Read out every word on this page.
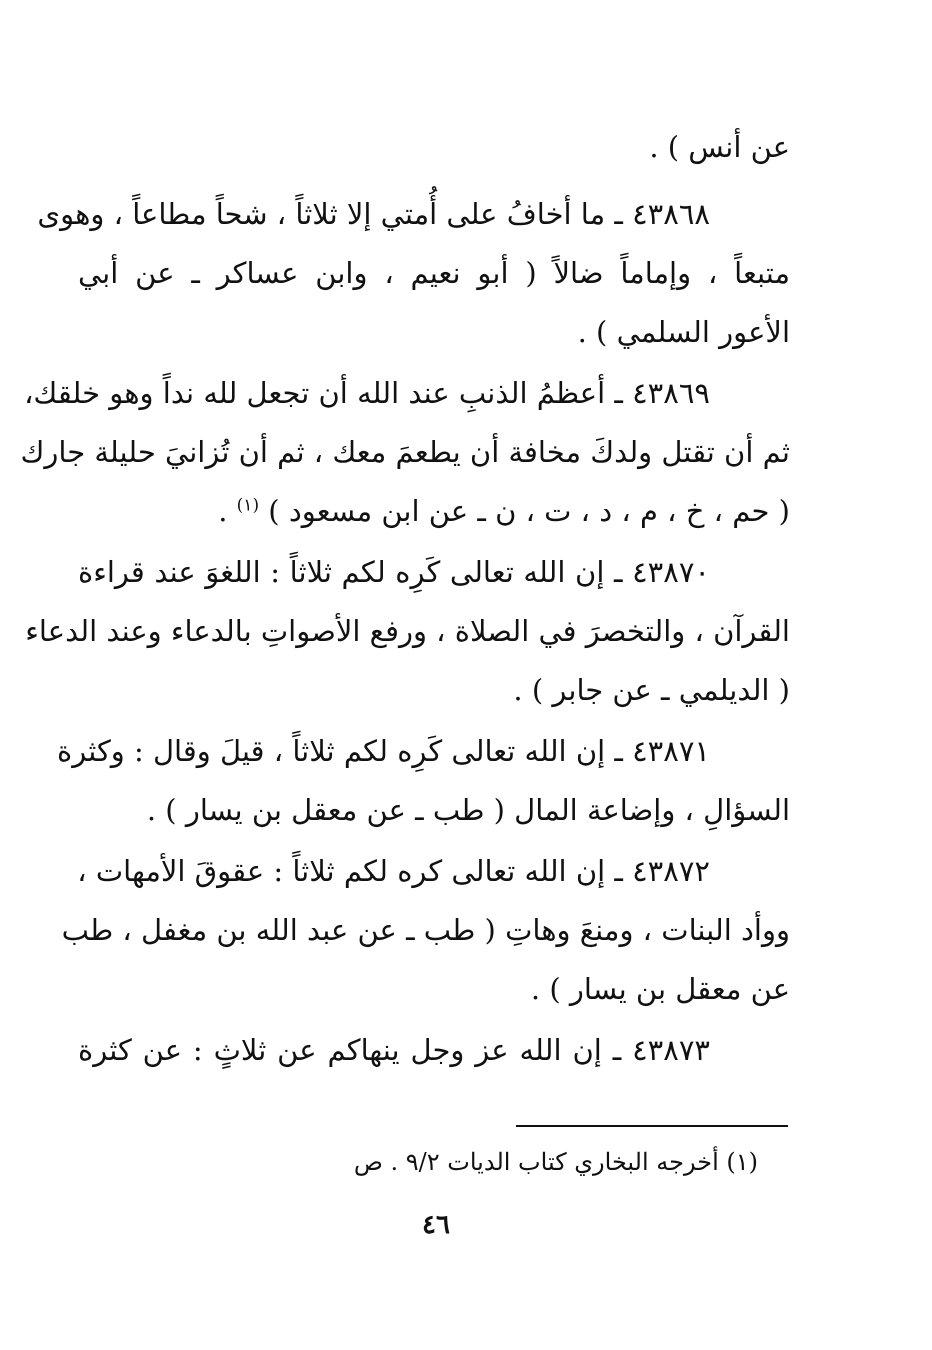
عن أنس ) .
٤٣٨٦٨ ـ ما أخافُ على أُمتي إلا ثلاثاً ، شحاً مطاعاً ، وهوى
متبعاً ، وإماماً ضالاً ( أبو نعيم ، وابن عساكر ـ عن أبي
الأعور السلمي ) .
٤٣٨٦٩ ـ أعظمُ الذنبِ عند الله أن تجعل لله نداً وهو خلقك،
ثم أن تقتل ولدكَ مخافة أن يطعمَ معك ، ثم أن تُزانيَ حليلة جارك
( حم ، خ ، م ، د ، ت ، ن ـ عن ابن مسعود ) $^{(١)}$ .
٤٣٨٧٠ ـ إن الله تعالى كَرِه لكم ثلاثاً : اللغوَ عند قراءة
القرآن ، والتخصرَ في الصلاة ، ورفع الأصواتِ بالدعاء وعند الدعاء
( الديلمي ـ عن جابر ) .
٤٣٨٧١ ـ إن الله تعالى كَرِه لكم ثلاثاً ، قيلَ وقال : وكثرة
السؤالِ ، وإضاعة المال ( طب ـ عن معقل بن يسار ) .
٤٣٨٧٢ ـ إن الله تعالى كره لكم ثلاثاً : عقوقَ الأمهات ،
ووأد البنات ، ومنعَ وهاتِ ( طب ـ عن عبد الله بن مغفل ، طب
عن معقل بن يسار ) .
٤٣٨٧٣ ـ إن الله عز وجل ينهاكم عن ثلاثٍ : عن كثرة
(١) أخرجه البخاري كتاب الديات ٩/٢ . ص
٤٦
